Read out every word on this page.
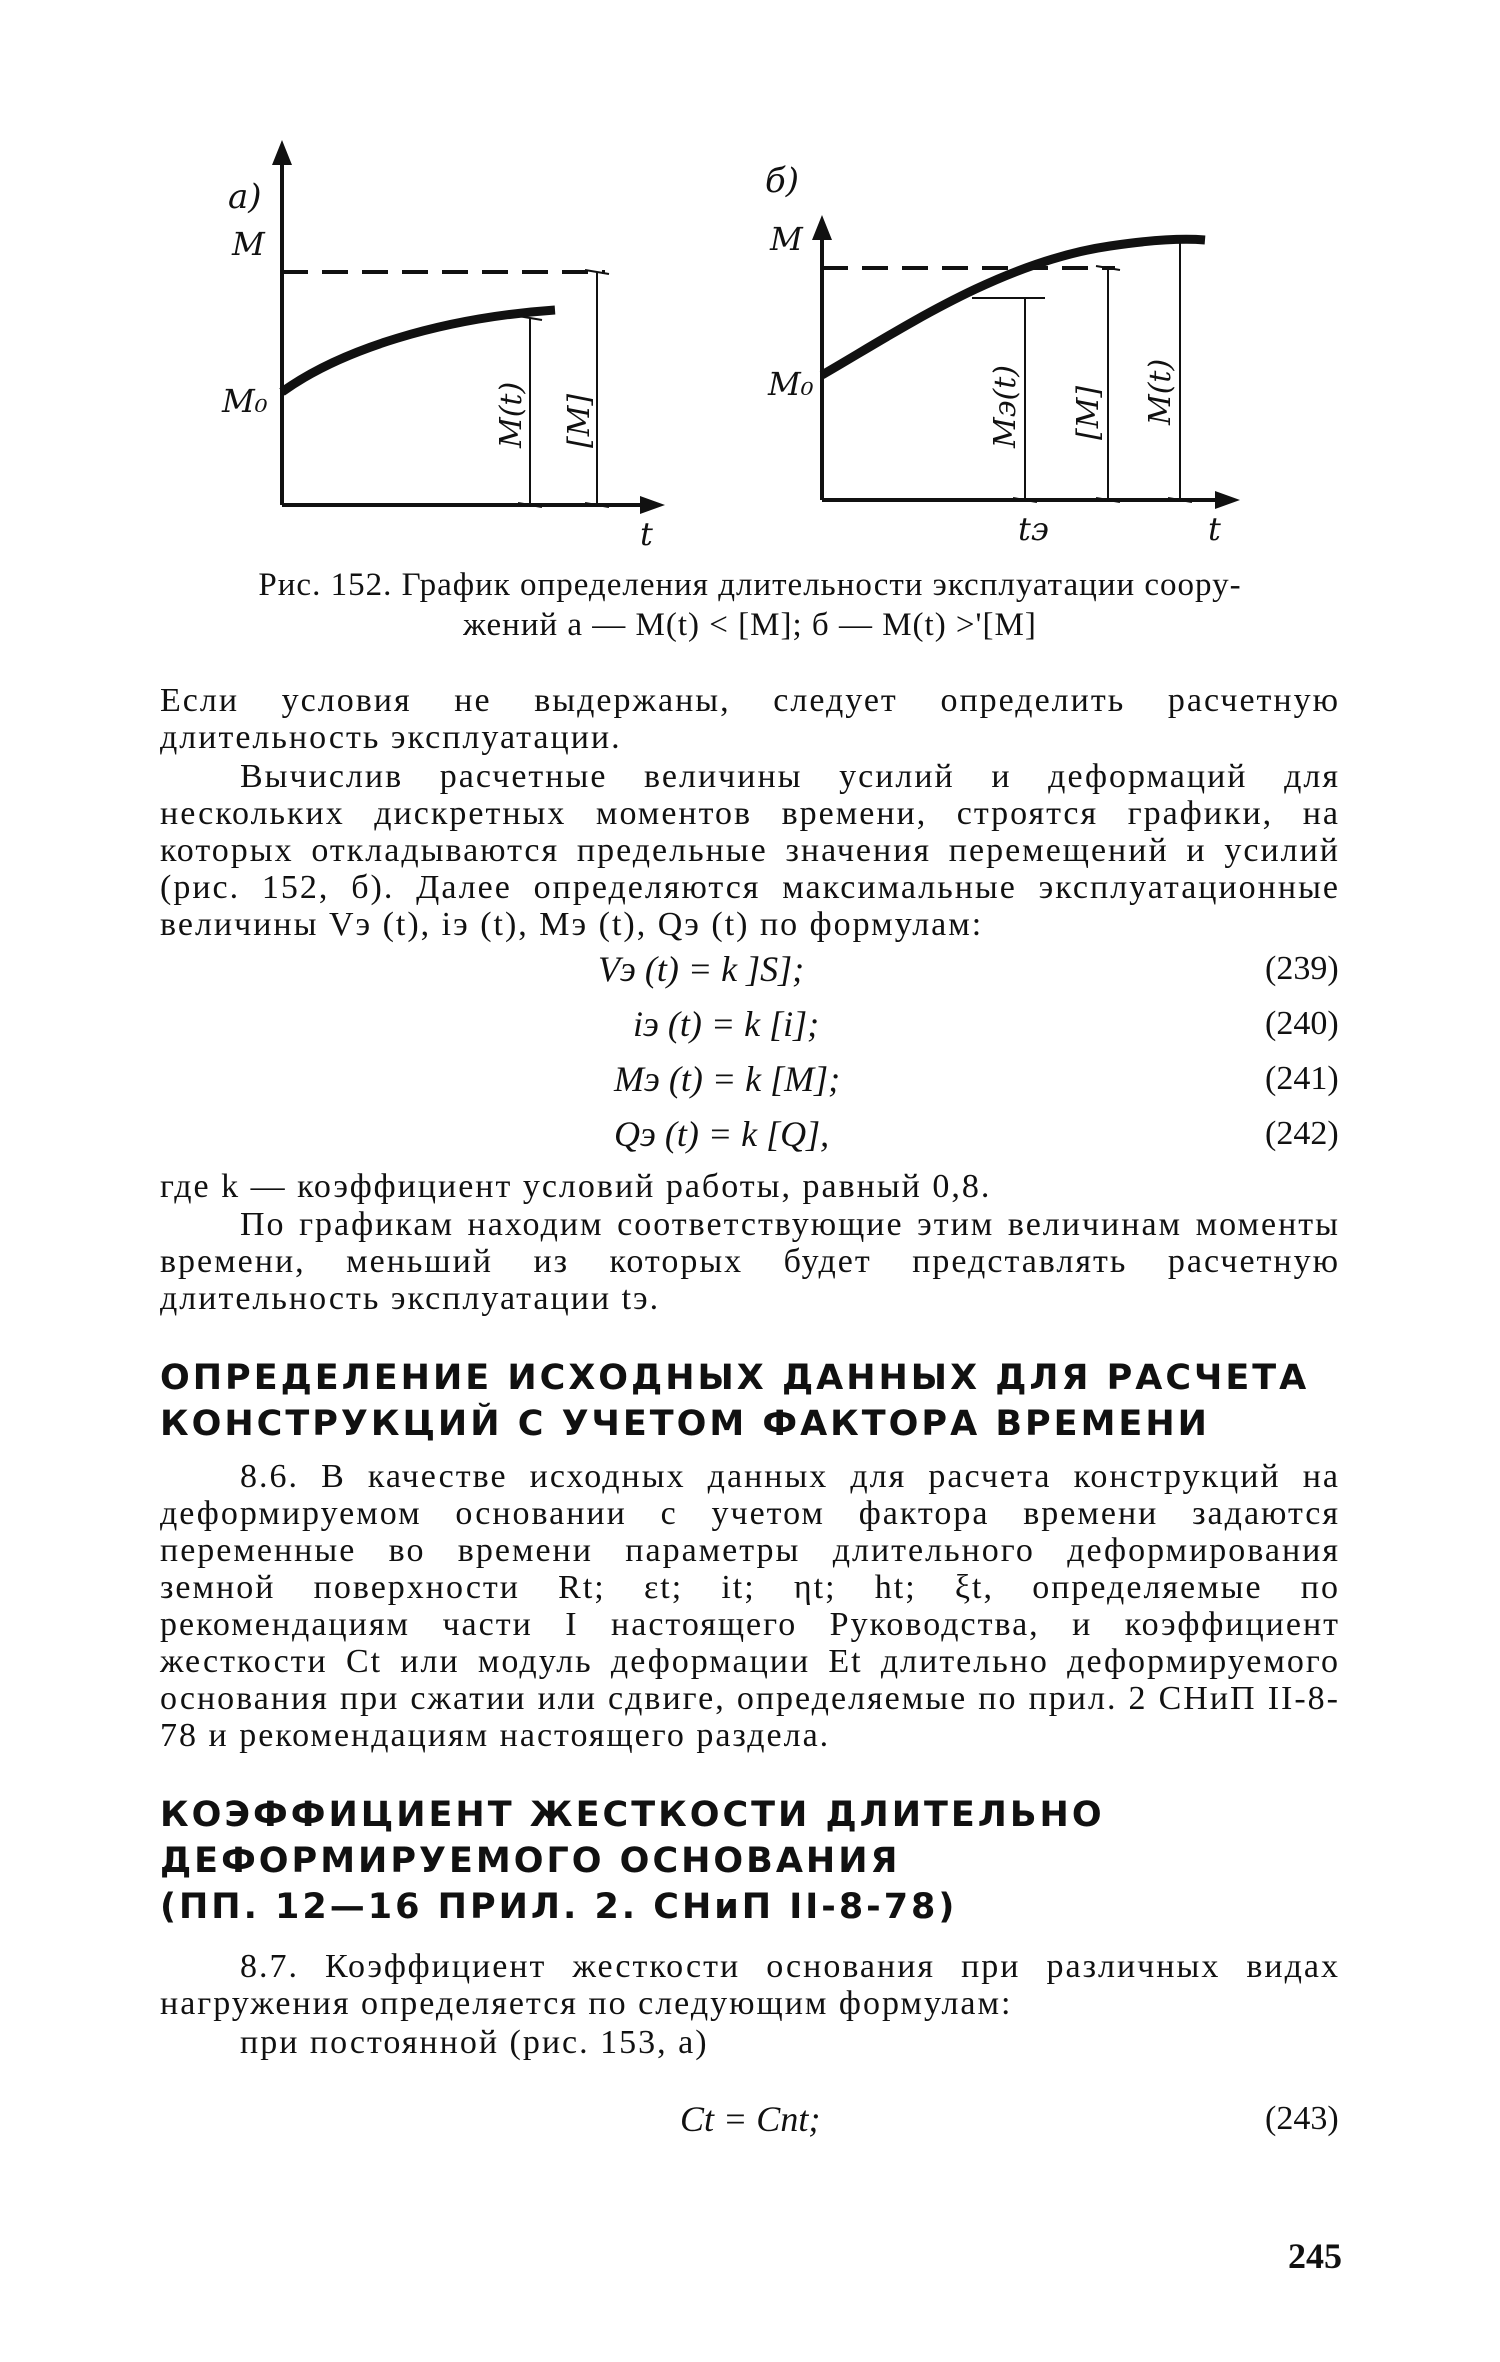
а)
M
M₀
t
M(t) [M]
б)
M
M₀
tэ	t
Mэ(t) [M] M(t)
Рис. 152. График определения длительности эксплуатации соору-
жений а — M(t) < [M]; б — M(t) >'[M]
Если условия не выдержаны, следует определить расчетную длительность эксплуатации.
Вычислив расчетные величины усилий и деформаций для нескольких дискретных моментов времени, строятся графики, на которых откладываются предельные значения перемещений и усилий (рис. 152, б). Далее определяются максимальные эксплуатационные величины Vэ (t), iэ (t), Mэ (t), Qэ (t) по формулам:
Vэ (t) = k ]S];	(239)
iэ (t) = k [i];	(240)
Mэ (t) = k [M];	(241)
Qэ (t) = k [Q],	(242)
где k — коэффициент условий работы, равный 0,8.
По графикам находим соответствующие этим величинам моменты времени, меньший из которых будет представлять расчетную длительность эксплуатации tэ.
ОПРЕДЕЛЕНИЕ ИСХОДНЫХ ДАННЫХ ДЛЯ РАСЧЕТА
КОНСТРУКЦИЙ С УЧЕТОМ ФАКТОРА ВРЕМЕНИ
8.6. В качестве исходных данных для расчета конструкций на деформируемом основании с учетом фактора времени задаются переменные во времени параметры длительного деформирования земной поверхности Rt; εt; it; ηt; ht; ξt, определяемые по рекомендациям части I настоящего Руководства, и коэффициент жесткости Ct или модуль деформации Et длительно деформируемого основания при сжатии или сдвиге, определяемые по прил. 2 СНиП II-8-78 и рекомендациям настоящего раздела.
КОЭФФИЦИЕНТ ЖЕСТКОСТИ ДЛИТЕЛЬНО
ДЕФОРМИРУЕМОГО ОСНОВАНИЯ
(ПП. 12—16 ПРИЛ. 2. СНиП II-8-78)
8.7. Коэффициент жесткости основания при различных видах нагружения определяется по следующим формулам:
при постоянной (рис. 153, а)
Ct = Cnt;	(243)
245
